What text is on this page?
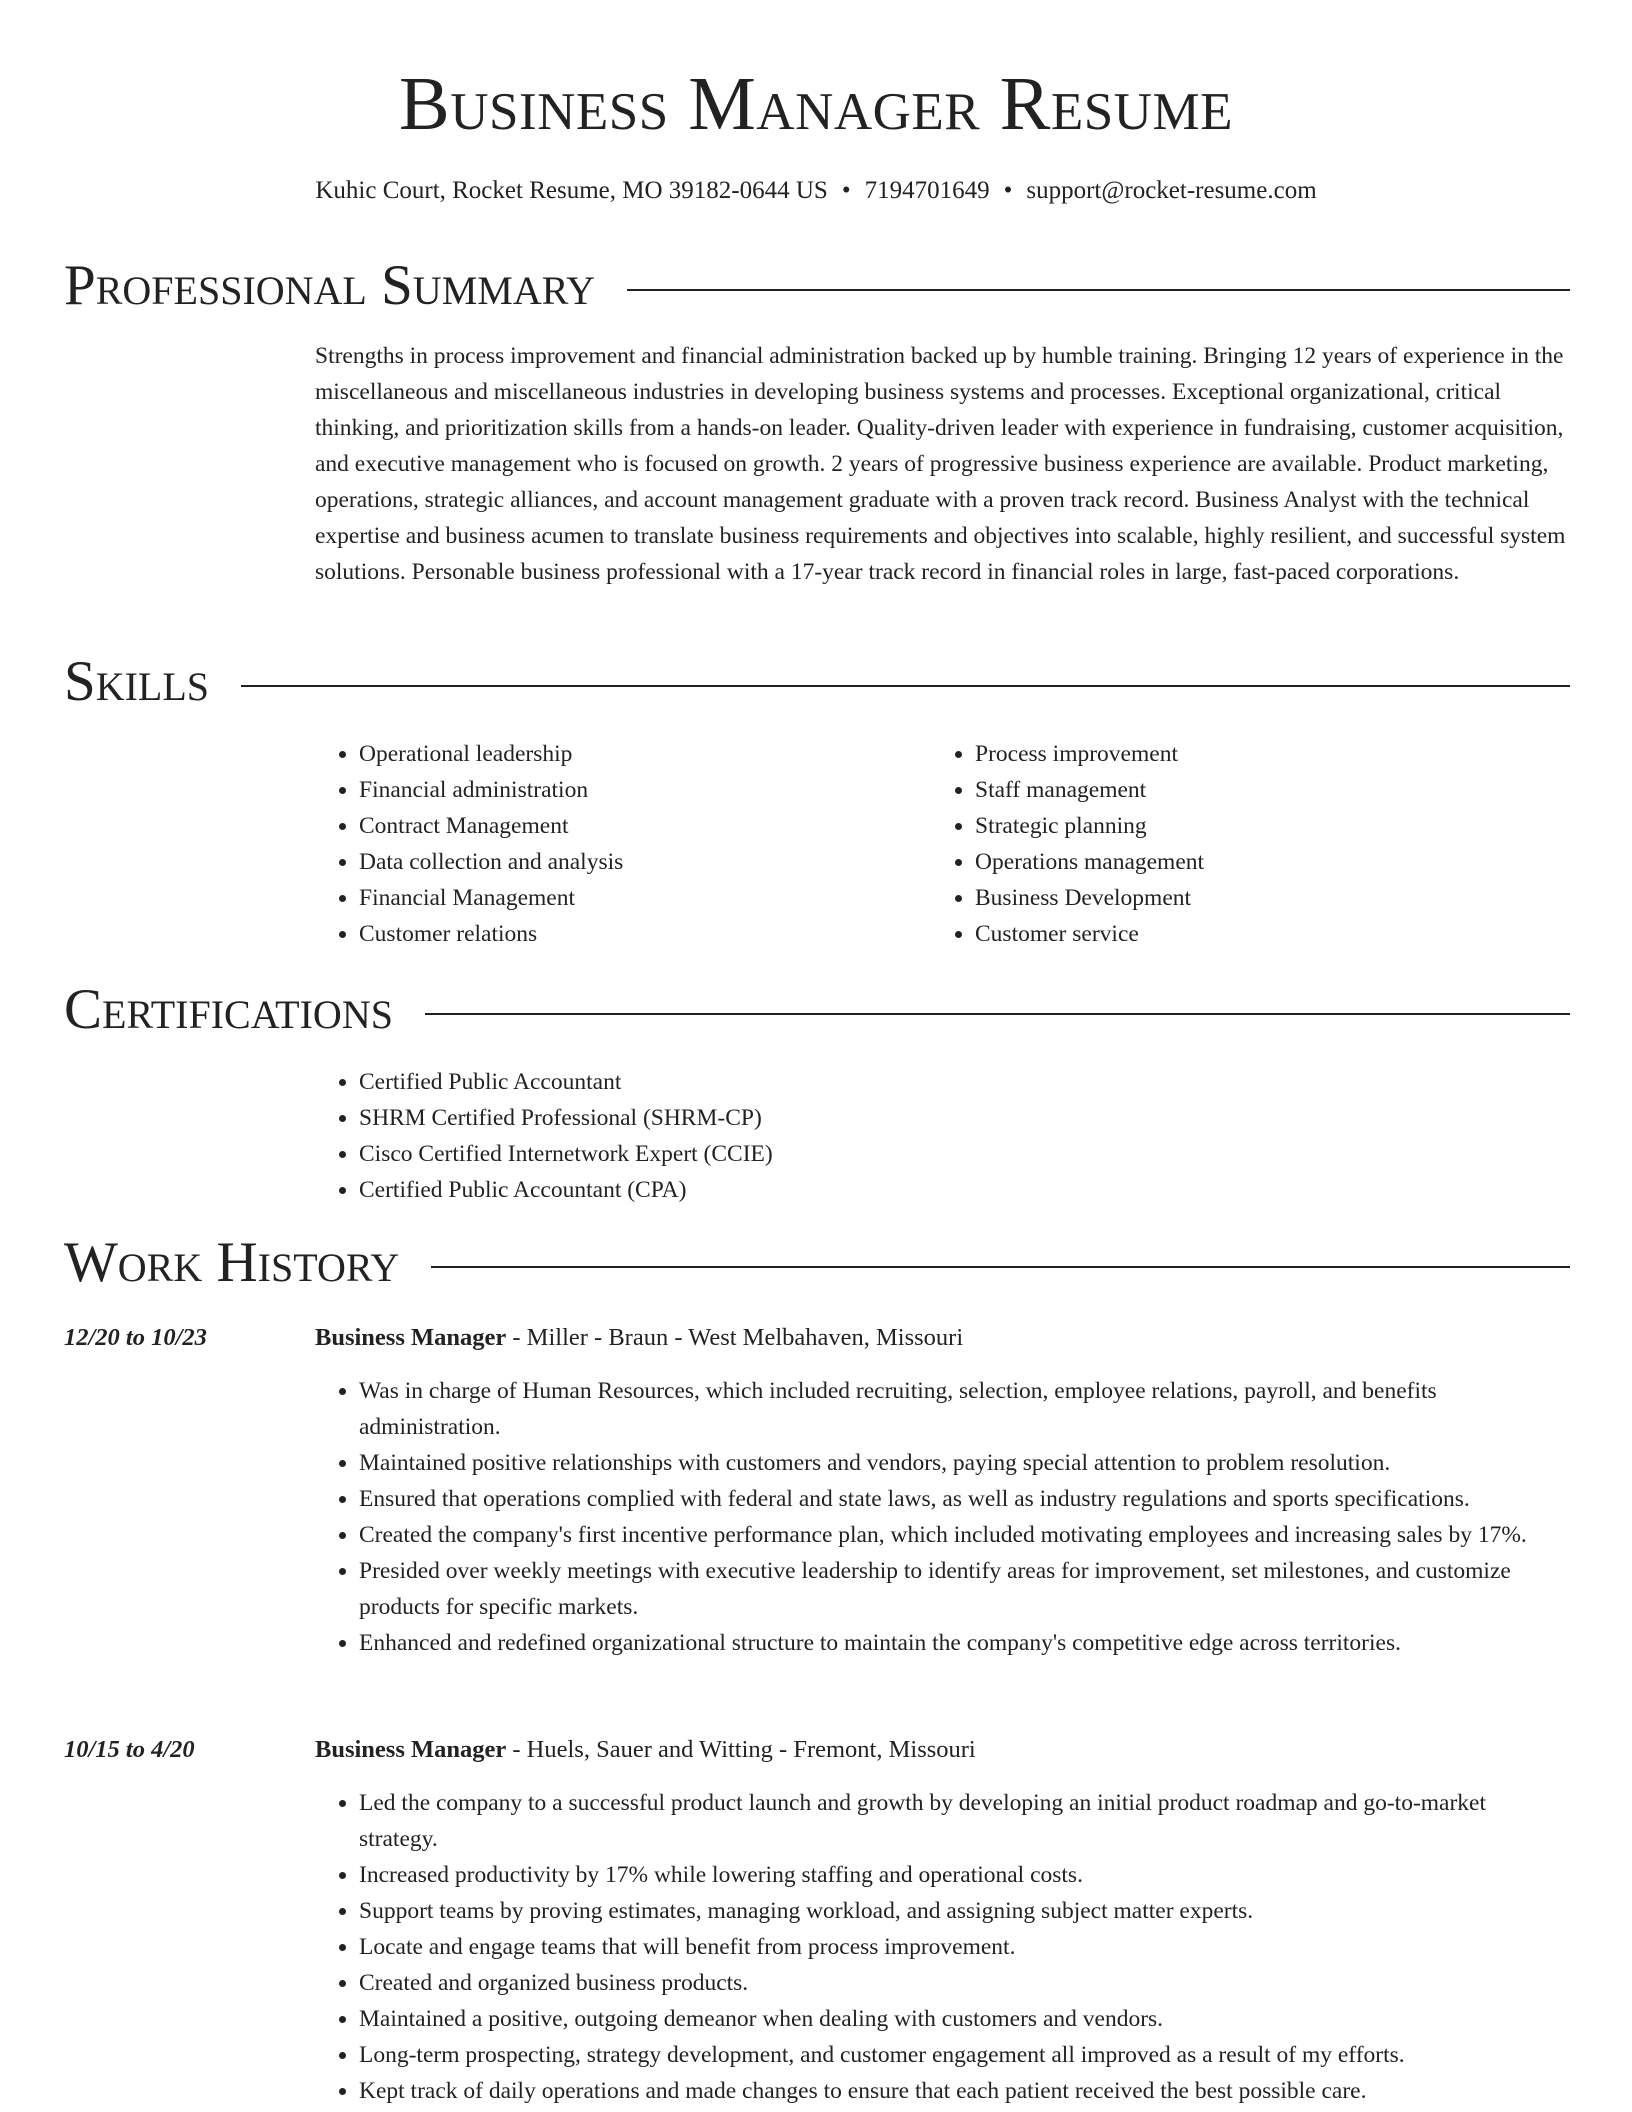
Business Manager Resume
Kuhic Court, Rocket Resume, MO 39182-0644 US • 7194701649 • support@rocket-resume.com
Professional Summary

Strengths in process improvement and financial administration backed up by humble training. Bringing 12 years of experience in the miscellaneous and miscellaneous industries in developing business systems and processes. Exceptional organizational, critical thinking, and prioritization skills from a hands-on leader. Quality-driven leader with experience in fundraising, customer acquisition, and executive management who is focused on growth. 2 years of progressive business experience are available. Product marketing, operations, strategic alliances, and account management graduate with a proven track record. Business Analyst with the technical expertise and business acumen to translate business requirements and objectives into scalable, highly resilient, and successful system solutions. Personable business professional with a 17-year track record in financial roles in large, fast-paced corporations.

Skills
• Operational leadership
• Financial administration
• Contract Management
• Data collection and analysis
• Financial Management
• Customer relations
• Process improvement
• Staff management
• Strategic planning
• Operations management
• Business Development
• Customer service
Certifications
• Certified Public Accountant
• SHRM Certified Professional (SHRM-CP)
• Cisco Certified Internetwork Expert (CCIE)
• Certified Public Accountant (CPA)
Work History
12/20 to 10/23	Business Manager - Miller - Braun - West Melbahaven, Missouri
• Was in charge of Human Resources, which included recruiting, selection, employee relations, payroll, and benefits administration.
• Maintained positive relationships with customers and vendors, paying special attention to problem resolution.
• Ensured that operations complied with federal and state laws, as well as industry regulations and sports specifications.
• Created the company's first incentive performance plan, which included motivating employees and increasing sales by 17%.
• Presided over weekly meetings with executive leadership to identify areas for improvement, set milestones, and customize products for specific markets.
• Enhanced and redefined organizational structure to maintain the company's competitive edge across territories.
10/15 to 4/20	Business Manager - Huels, Sauer and Witting - Fremont, Missouri
• Led the company to a successful product launch and growth by developing an initial product roadmap and go-to-market strategy.
• Increased productivity by 17% while lowering staffing and operational costs.
• Support teams by proving estimates, managing workload, and assigning subject matter experts.
• Locate and engage teams that will benefit from process improvement.
• Created and organized business products.
• Maintained a positive, outgoing demeanor when dealing with customers and vendors.
• Long-term prospecting, strategy development, and customer engagement all improved as a result of my efforts.
• Kept track of daily operations and made changes to ensure that each patient received the best possible care.
